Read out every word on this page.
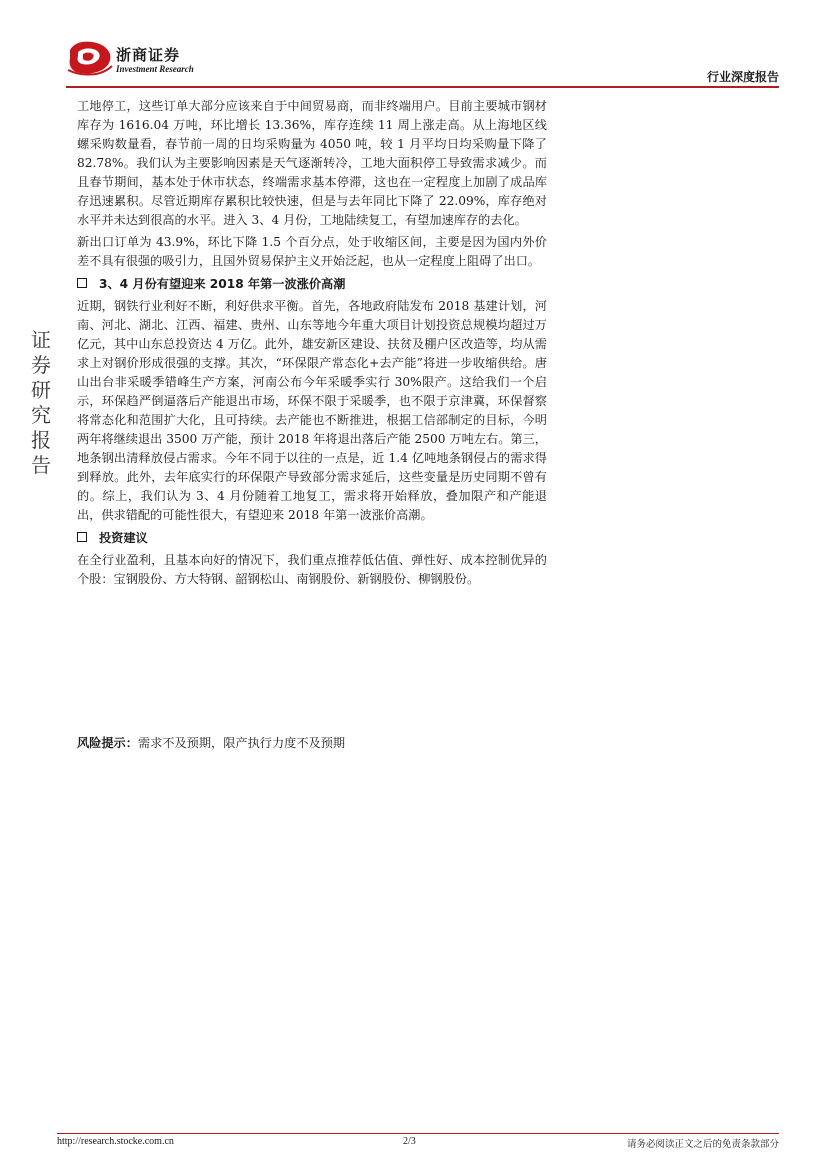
浙商证券
Investment Research
行业深度报告
证
券
研
究
报
告

工地停工，这些订单大部分应该来自于中间贸易商，而非终端用户。目前主要城市钢材库存为 1616.04 万吨，环比增长 13.36%，库存连续 11 周上涨走高。从上海地区线螺采购数量看，春节前一周的日均采购量为 4050 吨，较 1 月平均日均采购量下降了 82.78%。我们认为主要影响因素是天气逐渐转冷，工地大面积停工导致需求减少。而且春节期间，基本处于休市状态，终端需求基本停滞，这也在一定程度上加剧了成品库存迅速累积。尽管近期库存累积比较快速，但是与去年同比下降了 22.09%，库存绝对水平并未达到很高的水平。进入 3、4 月份，工地陆续复工，有望加速库存的去化。

新出口订单为 43.9%，环比下降 1.5 个百分点，处于收缩区间，主要是因为国内外价差不具有很强的吸引力，且国外贸易保护主义开始泛起，也从一定程度上阻碍了出口。

3、4 月份有望迎来 2018 年第一波涨价高潮

近期，钢铁行业利好不断，利好供求平衡。首先，各地政府陆发布 2018 基建计划，河南、河北、湖北、江西、福建、贵州、山东等地今年重大项目计划投资总规模均超过万亿元，其中山东总投资达 4 万亿。此外，雄安新区建设、扶贫及棚户区改造等，均从需求上对钢价形成很强的支撑。其次，“环保限产常态化+去产能”将进一步收缩供给。唐山出台非采暖季错峰生产方案，河南公布今年采暖季实行 30%限产。这给我们一个启示，环保趋严倒逼落后产能退出市场，环保不限于采暖季，也不限于京津冀，环保督察将常态化和范围扩大化，且可持续。去产能也不断推进，根据工信部制定的目标，今明两年将继续退出 3500 万产能，预计 2018 年将退出落后产能 2500 万吨左右。第三，地条钢出清释放侵占需求。今年不同于以往的一点是，近 1.4 亿吨地条钢侵占的需求得到释放。此外，去年底实行的环保限产导致部分需求延后，这些变量是历史同期不曾有的。综上，我们认为 3、4 月份随着工地复工，需求将开始释放，叠加限产和产能退出，供求错配的可能性很大，有望迎来 2018 年第一波涨价高潮。

投资建议

在全行业盈利，且基本向好的情况下，我们重点推荐低估值、弹性好、成本控制优异的个股：宝钢股份、方大特钢、韶钢松山、南钢股份、新钢股份、柳钢股份。

风险提示：需求不及预期，限产执行力度不及预期
http://research.stocke.com.cn	2/3	请务必阅读正文之后的免责条款部分
